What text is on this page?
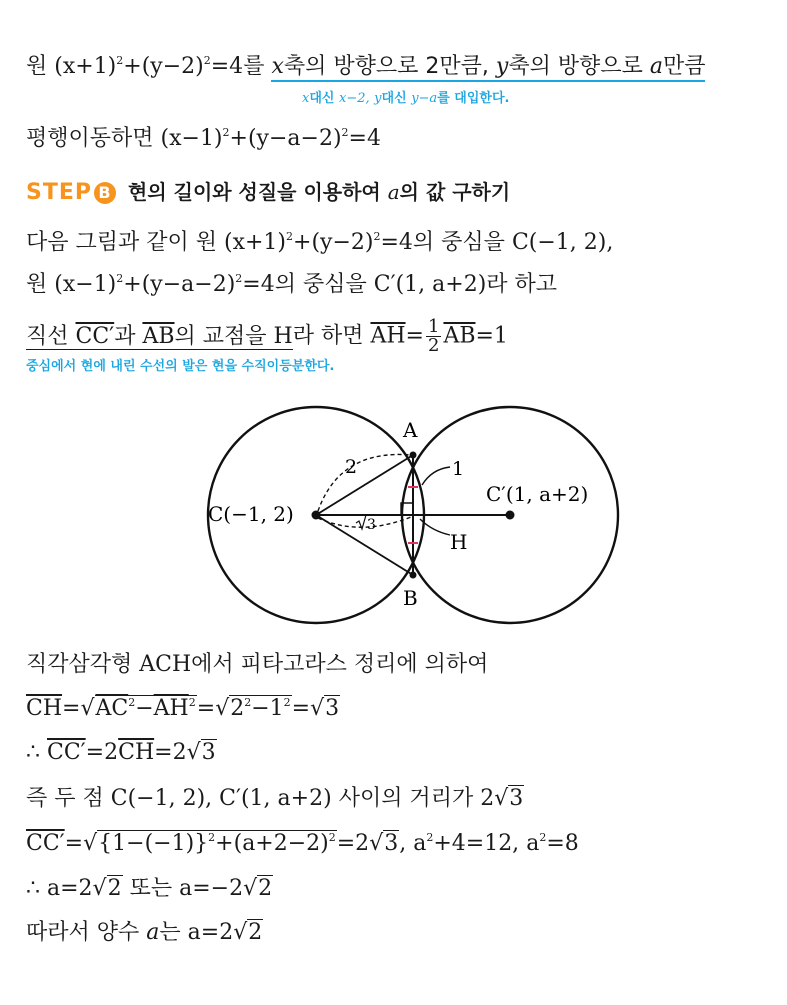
원 $(x+1)^2+(y-2)^2=4$를 x축의 방향으로 2만큼, y축의 방향으로 a만큼
x대신 x−2, y대신 y−a를 대입한다.
평행이동하면 $(x-1)^2+(y-a-2)^2=4$
STEP B 현의 길이와 성질을 이용하여 a의 값 구하기
다음 그림과 같이 원 $(x+1)^2+(y-2)^2=4$의 중심을 C(−1, 2),
원 $(x-1)^2+(y-a-2)^2=4$의 중심을 C′(1, a+2)라 하고
직선 CC′과 $\overline{AB}$의 교점을 H라 하면 $\overline{AH}= \frac{1}{2} \overline{AB}=1$
중심에서 현에 내린 수선의 발은 현을 수직이등분한다.
A
B
C(−1, 2)
C′(1, a+2)
H
2	1
3
직각삼각형 ACH에서 피타고라스 정리에 의하여
$\overline{CH}=√AC^2-\overline{AH}^2=√2^2-1^2=√3$
∴ $CC'=2\overline{CH}=2√3$
즉 두 점 C(−1, 2), C′(1, a+2) 사이의 거리가 2√3
$CC'=√\{1-(-1)\}^2+(a+2-2)^2=2√3$, $a^2+4=12$, $a^2=8$
∴ a=2√2 또는 a=−2√2
따라서 양수 a는 a=2√2
